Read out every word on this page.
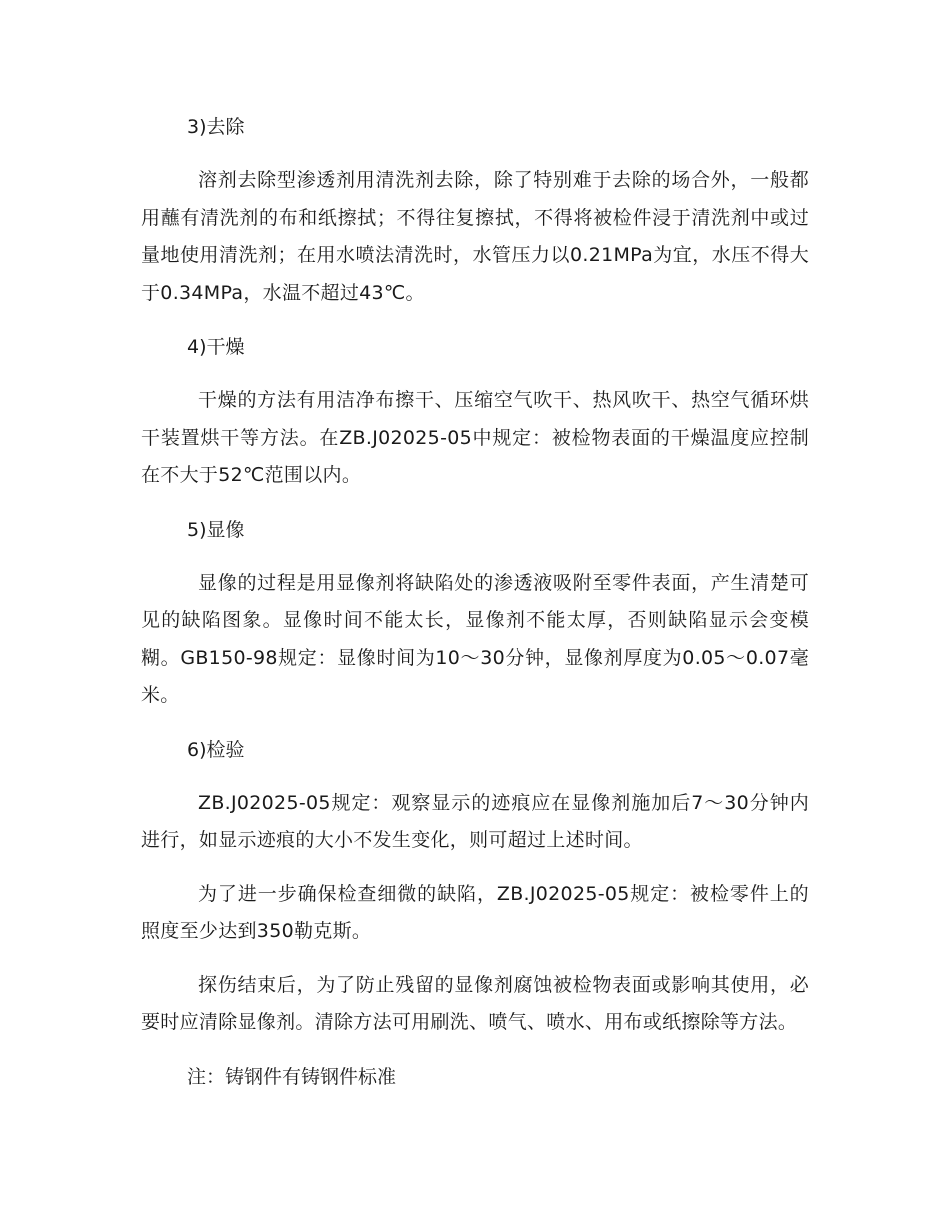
3)去除

溶剂去除型渗透剂用清洗剂去除，除了特别难于去除的场合外，一般都用蘸有清洗剂的布和纸擦拭；不得往复擦拭，不得将被检件浸于清洗剂中或过量地使用清洗剂；在用水喷法清洗时，水管压力以0.21MPa为宜，水压不得大于0.34MPa，水温不超过43℃。

4)干燥

干燥的方法有用洁净布擦干、压缩空气吹干、热风吹干、热空气循环烘干装置烘干等方法。在ZB.J02025-05中规定：被检物表面的干燥温度应控制在不大于52℃范围以内。

5)显像

显像的过程是用显像剂将缺陷处的渗透液吸附至零件表面，产生清楚可见的缺陷图象。显像时间不能太长，显像剂不能太厚，否则缺陷显示会变模糊。GB150-98规定：显像时间为10～30分钟，显像剂厚度为0.05～0.07毫米。

6)检验

ZB.J02025-05规定：观察显示的迹痕应在显像剂施加后7～30分钟内进行，如显示迹痕的大小不发生变化，则可超过上述时间。

为了进一步确保检查细微的缺陷，ZB.J02025-05规定：被检零件上的照度至少达到350勒克斯。

探伤结束后，为了防止残留的显像剂腐蚀被检物表面或影响其使用，必要时应清除显像剂。清除方法可用刷洗、喷气、喷水、用布或纸擦除等方法。

注：铸钢件有铸钢件标准
